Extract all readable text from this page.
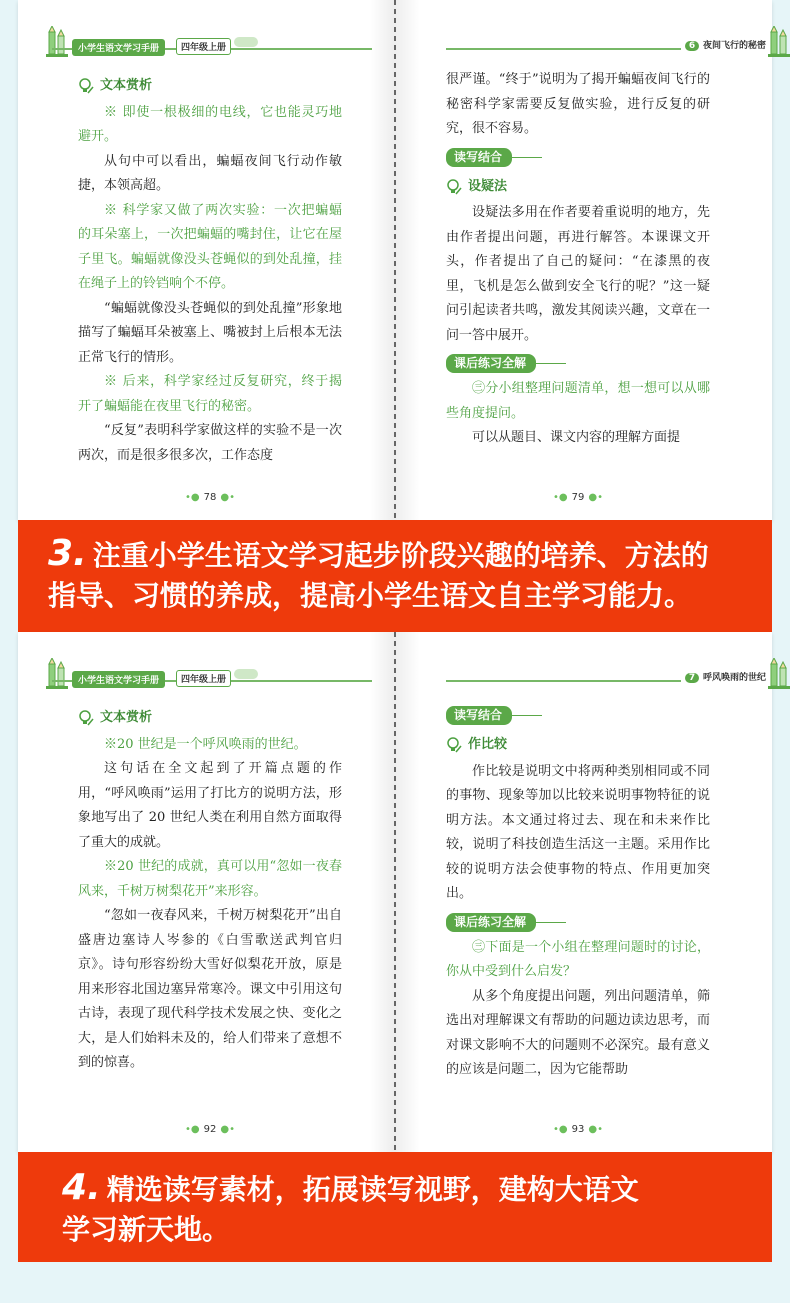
小学生语文学习手册	四年级上册
文本赏析

※ 即使一根极细的电线，它也能灵巧地避开。

从句中可以看出，蝙蝠夜间飞行动作敏捷，本领高超。

※ 科学家又做了两次实验：一次把蝙蝠的耳朵塞上，一次把蝙蝠的嘴封住，让它在屋子里飞。蝙蝠就像没头苍蝇似的到处乱撞，挂在绳子上的铃铛响个不停。

“蝙蝠就像没头苍蝇似的到处乱撞”形象地描写了蝙蝠耳朵被塞上、嘴被封上后根本无法正常飞行的情形。

※ 后来，科学家经过反复研究，终于揭开了蝙蝠能在夜里飞行的秘密。

“反复”表明科学家做这样的实验不是一次两次，而是很多很多次，工作态度

•● 78 ●•
6 夜间飞行的秘密

很严谨。“终于”说明为了揭开蝙蝠夜间飞行的秘密科学家需要反复做实验，进行反复的研究，很不容易。

读写结合
设疑法

设疑法多用在作者要着重说明的地方，先由作者提出问题，再进行解答。本课课文开头，作者提出了自己的疑问：“在漆黑的夜里，飞机是怎么做到安全飞行的呢？”这一疑问引起读者共鸣，激发其阅读兴趣，文章在一问一答中展开。

课后练习全解

㊂分小组整理问题清单，想一想可以从哪些角度提问。

可以从题目、课文内容的理解方面提

•● 79 ●•
3. 注重小学生语文学习起步阶段兴趣的培养、方法的
指导、习惯的养成，提高小学生语文自主学习能力。
小学生语文学习手册	四年级上册
文本赏析

※20 世纪是一个呼风唤雨的世纪。

这句话在全文起到了开篇点题的作用，“呼风唤雨”运用了打比方的说明方法，形象地写出了 20 世纪人类在利用自然方面取得了重大的成就。

※20 世纪的成就，真可以用“忽如一夜春风来，千树万树梨花开”来形容。

“忽如一夜春风来，千树万树梨花开”出自盛唐边塞诗人岑参的《白雪歌送武判官归京》。诗句形容纷纷大雪好似梨花开放，原是用来形容北国边塞异常寒冷。课文中引用这句古诗，表现了现代科学技术发展之快、变化之大，是人们始料未及的，给人们带来了意想不到的惊喜。

•● 92 ●•
7 呼风唤雨的世纪
读写结合
作比较

作比较是说明文中将两种类别相同或不同的事物、现象等加以比较来说明事物特征的说明方法。本文通过将过去、现在和未来作比较，说明了科技创造生活这一主题。采用作比较的说明方法会使事物的特点、作用更加突出。

课后练习全解

㊂下面是一个小组在整理问题时的讨论，你从中受到什么启发？

从多个角度提出问题，列出问题清单，筛选出对理解课文有帮助的问题边读边思考，而对课文影响不大的问题则不必深究。最有意义的应该是问题二，因为它能帮助

•● 93 ●•
4. 精选读写素材，拓展读写视野，建构大语文
学习新天地。
